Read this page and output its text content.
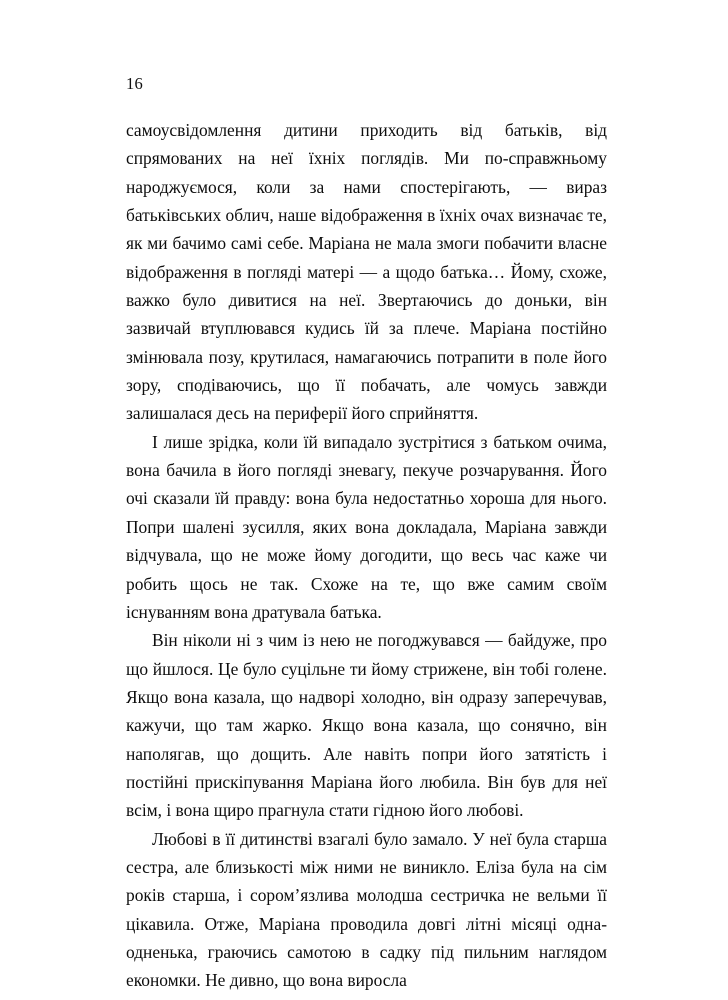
16

самоусвідомлення дитини приходить від батьків, від спрямованих на неї їхніх поглядів. Ми по-справжньому народжуємося, коли за нами спостерігають, — вираз батьківських облич, наше відображення в їхніх очах визначає те, як ми бачимо самі себе. Маріана не мала змоги побачити власне відображення в погляді матері — а щодо батька… Йому, схоже, важко було дивитися на неї. Звертаючись до доньки, він зазвичай втуплювався кудись їй за плече. Маріана постійно змінювала позу, крутилася, намагаючись потрапити в поле його зору, сподіваючись, що її побачать, але чомусь завжди залишалася десь на периферії його сприйняття.

І лише зрідка, коли їй випадало зустрітися з батьком очима, вона бачила в його погляді зневагу, пекуче розчарування. Його очі сказали їй правду: вона була недостатньо хороша для нього. Попри шалені зусилля, яких вона докладала, Маріана завжди відчувала, що не може йому догодити, що весь час каже чи робить щось не так. Схоже на те, що вже самим своїм існуванням вона дратувала батька.

Він ніколи ні з чим із нею не погоджувався — байдуже, про що йшлося. Це було суцільне ти йому стрижене, він тобі голене. Якщо вона казала, що надворі холодно, він одразу заперечував, кажучи, що там жарко. Якщо вона казала, що сонячно, він наполягав, що дощить. Але навіть попри його затятість і постійні прискіпування Маріана його любила. Він був для неї всім, і вона щиро прагнула стати гідною його любові.

Любові в її дитинстві взагалі було замало. У неї була старша сестра, але близькості між ними не виникло. Еліза була на сім років старша, і сором’язлива молодша сестричка не вельми її цікавила. Отже, Маріана проводила довгі літні місяці одна-одненька, граючись самотою в садку під пильним наглядом економки. Не дивно, що вона виросла
